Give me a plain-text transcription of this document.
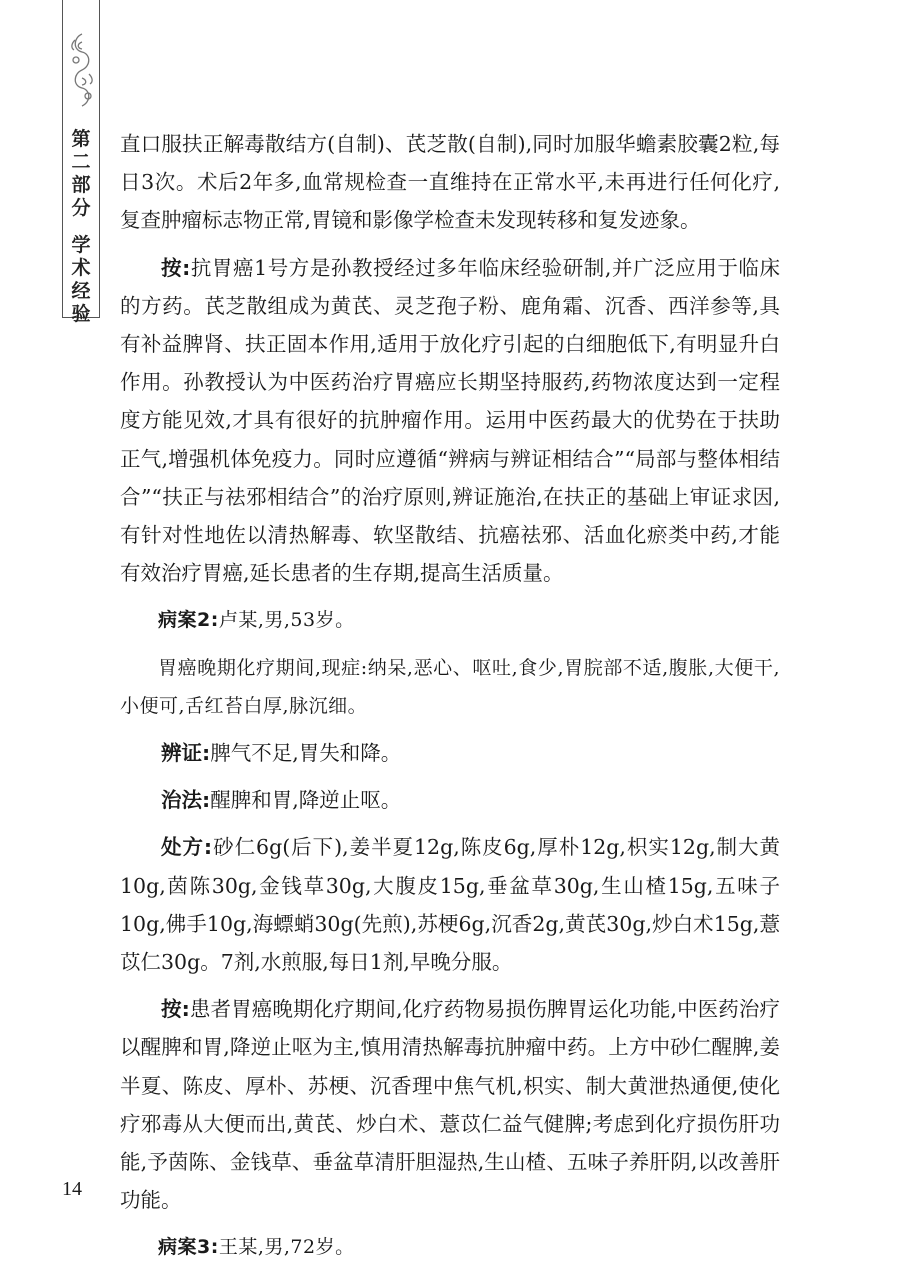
第
二
部
分
学
术
经
验

直口服扶正解毒散结方(自制)、芪芝散(自制),同时加服华蟾素胶囊2粒,每日3次。术后2年多,血常规检查一直维持在正常水平,未再进行任何化疗,复查肿瘤标志物正常,胃镜和影像学检查未发现转移和复发迹象。

按:抗胃癌1号方是孙教授经过多年临床经验研制,并广泛应用于临床的方药。芪芝散组成为黄芪、灵芝孢子粉、鹿角霜、沉香、西洋参等,具有补益脾肾、扶正固本作用,适用于放化疗引起的白细胞低下,有明显升白作用。孙教授认为中医药治疗胃癌应长期坚持服药,药物浓度达到一定程度方能见效,才具有很好的抗肿瘤作用。运用中医药最大的优势在于扶助正气,增强机体免疫力。同时应遵循“辨病与辨证相结合”“局部与整体相结合”“扶正与祛邪相结合”的治疗原则,辨证施治,在扶正的基础上审证求因,有针对性地佐以清热解毒、软坚散结、抗癌祛邪、活血化瘀类中药,才能有效治疗胃癌,延长患者的生存期,提高生活质量。

病案2:卢某,男,53岁。

胃癌晚期化疗期间,现症:纳呆,恶心、呕吐,食少,胃脘部不适,腹胀,大便干,小便可,舌红苔白厚,脉沉细。

辨证:脾气不足,胃失和降。

治法:醒脾和胃,降逆止呕。

处方:砂仁6g(后下),姜半夏12g,陈皮6g,厚朴12g,枳实12g,制大黄10g,茵陈30g,金钱草30g,大腹皮15g,垂盆草30g,生山楂15g,五味子10g,佛手10g,海螵蛸30g(先煎),苏梗6g,沉香2g,黄芪30g,炒白术15g,薏苡仁30g。7剂,水煎服,每日1剂,早晚分服。

按:患者胃癌晚期化疗期间,化疗药物易损伤脾胃运化功能,中医药治疗以醒脾和胃,降逆止呕为主,慎用清热解毒抗肿瘤中药。上方中砂仁醒脾,姜半夏、陈皮、厚朴、苏梗、沉香理中焦气机,枳实、制大黄泄热通便,使化疗邪毒从大便而出,黄芪、炒白术、薏苡仁益气健脾;考虑到化疗损伤肝功能,予茵陈、金钱草、垂盆草清肝胆湿热,生山楂、五味子养肝阴,以改善肝功能。

病案3:王某,男,72岁。

14
